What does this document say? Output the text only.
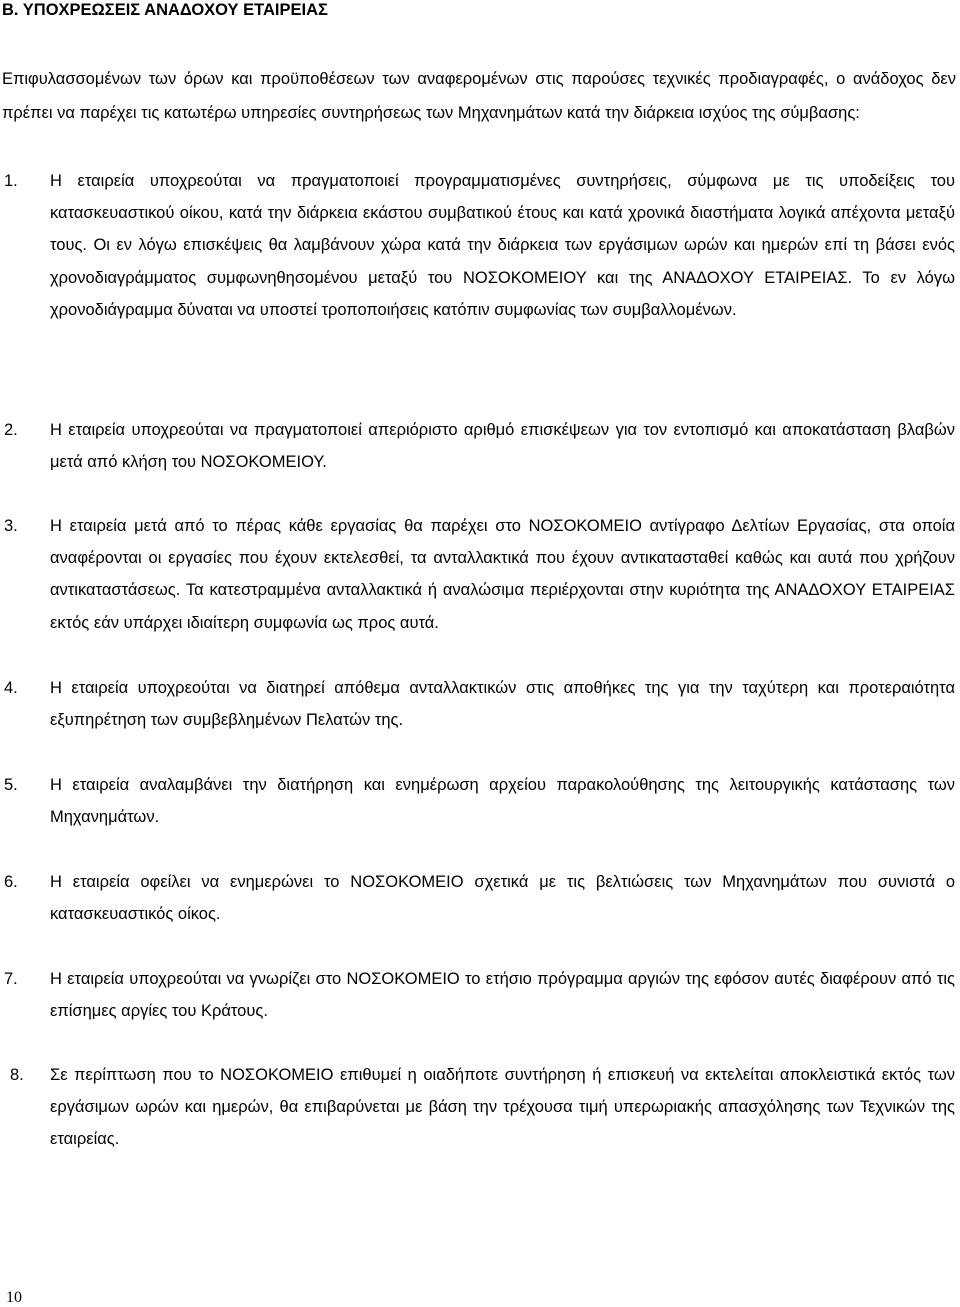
Β. ΥΠΟΧΡΕΩΣΕΙΣ ΑΝΑΔΟΧΟΥ ΕΤΑΙΡΕΙΑΣ

Επιφυλασσομένων των όρων και προϋποθέσεων των αναφερομένων στις παρούσες τεχνικές προδιαγραφές, ο ανάδοχος δεν πρέπει να παρέχει τις κατωτέρω υπηρεσίες συντηρήσεως των Μηχανημάτων κατά την διάρκεια ισχύος της σύμβασης:

1. Η εταιρεία υποχρεούται να πραγματοποιεί προγραμματισμένες συντηρήσεις, σύμφωνα με τις υποδείξεις του κατασκευαστικού οίκου, κατά την διάρκεια εκάστου συμβατικού έτους και κατά χρονικά διαστήματα λογικά απέχοντα μεταξύ τους. Οι εν λόγω επισκέψεις θα λαμβάνουν χώρα κατά την διάρκεια των εργάσιμων ωρών και ημερών επί τη βάσει ενός χρονοδιαγράμματος συμφωνηθησομένου μεταξύ του ΝΟΣΟΚΟΜΕΙΟΥ και της ΑΝΑΔΟΧΟΥ ΕΤΑΙΡΕΙΑΣ. Το εν λόγω χρονοδιάγραμμα δύναται να υποστεί τροποποιήσεις κατόπιν συμφωνίας των συμβαλλομένων.

2. Η εταιρεία υποχρεούται να πραγματοποιεί απεριόριστο αριθμό επισκέψεων για τον εντοπισμό και αποκατάσταση βλαβών μετά από κλήση του ΝΟΣΟΚΟΜΕΙΟΥ.

3. Η εταιρεία μετά από το πέρας κάθε εργασίας θα παρέχει στο ΝΟΣΟΚΟΜΕΙΟ αντίγραφο Δελτίων Εργασίας, στα οποία αναφέρονται οι εργασίες που έχουν εκτελεσθεί, τα ανταλλακτικά που έχουν αντικατασταθεί καθώς και αυτά που χρήζουν αντικαταστάσεως. Τα κατεστραμμένα ανταλλακτικά ή αναλώσιμα περιέρχονται στην κυριότητα της ΑΝΑΔΟΧΟΥ ΕΤΑΙΡΕΙΑΣ εκτός εάν υπάρχει ιδιαίτερη συμφωνία ως προς αυτά.

4. Η εταιρεία υποχρεούται να διατηρεί απόθεμα ανταλλακτικών στις αποθήκες της για την ταχύτερη και προτεραιότητα εξυπηρέτηση των συμβεβλημένων Πελατών της.

5. Η εταιρεία αναλαμβάνει την διατήρηση και ενημέρωση αρχείου παρακολούθησης της λειτουργικής κατάστασης των Μηχανημάτων.

6. Η εταιρεία οφείλει να ενημερώνει το ΝΟΣΟΚΟΜΕΙΟ σχετικά με τις βελτιώσεις των Μηχανημάτων που συνιστά ο κατασκευαστικός οίκος.

7. Η εταιρεία υποχρεούται να γνωρίζει στο ΝΟΣΟΚΟΜΕΙΟ το ετήσιο πρόγραμμα αργιών της εφόσον αυτές διαφέρουν από τις επίσημες αργίες του Κράτους.

8. Σε περίπτωση που το ΝΟΣΟΚΟΜΕΙΟ επιθυμεί η οιαδήποτε συντήρηση ή επισκευή να εκτελείται αποκλειστικά εκτός των εργάσιμων ωρών και ημερών, θα επιβαρύνεται με βάση την τρέχουσα τιμή υπερωριακής απασχόλησης των Τεχνικών της εταιρείας.

10
